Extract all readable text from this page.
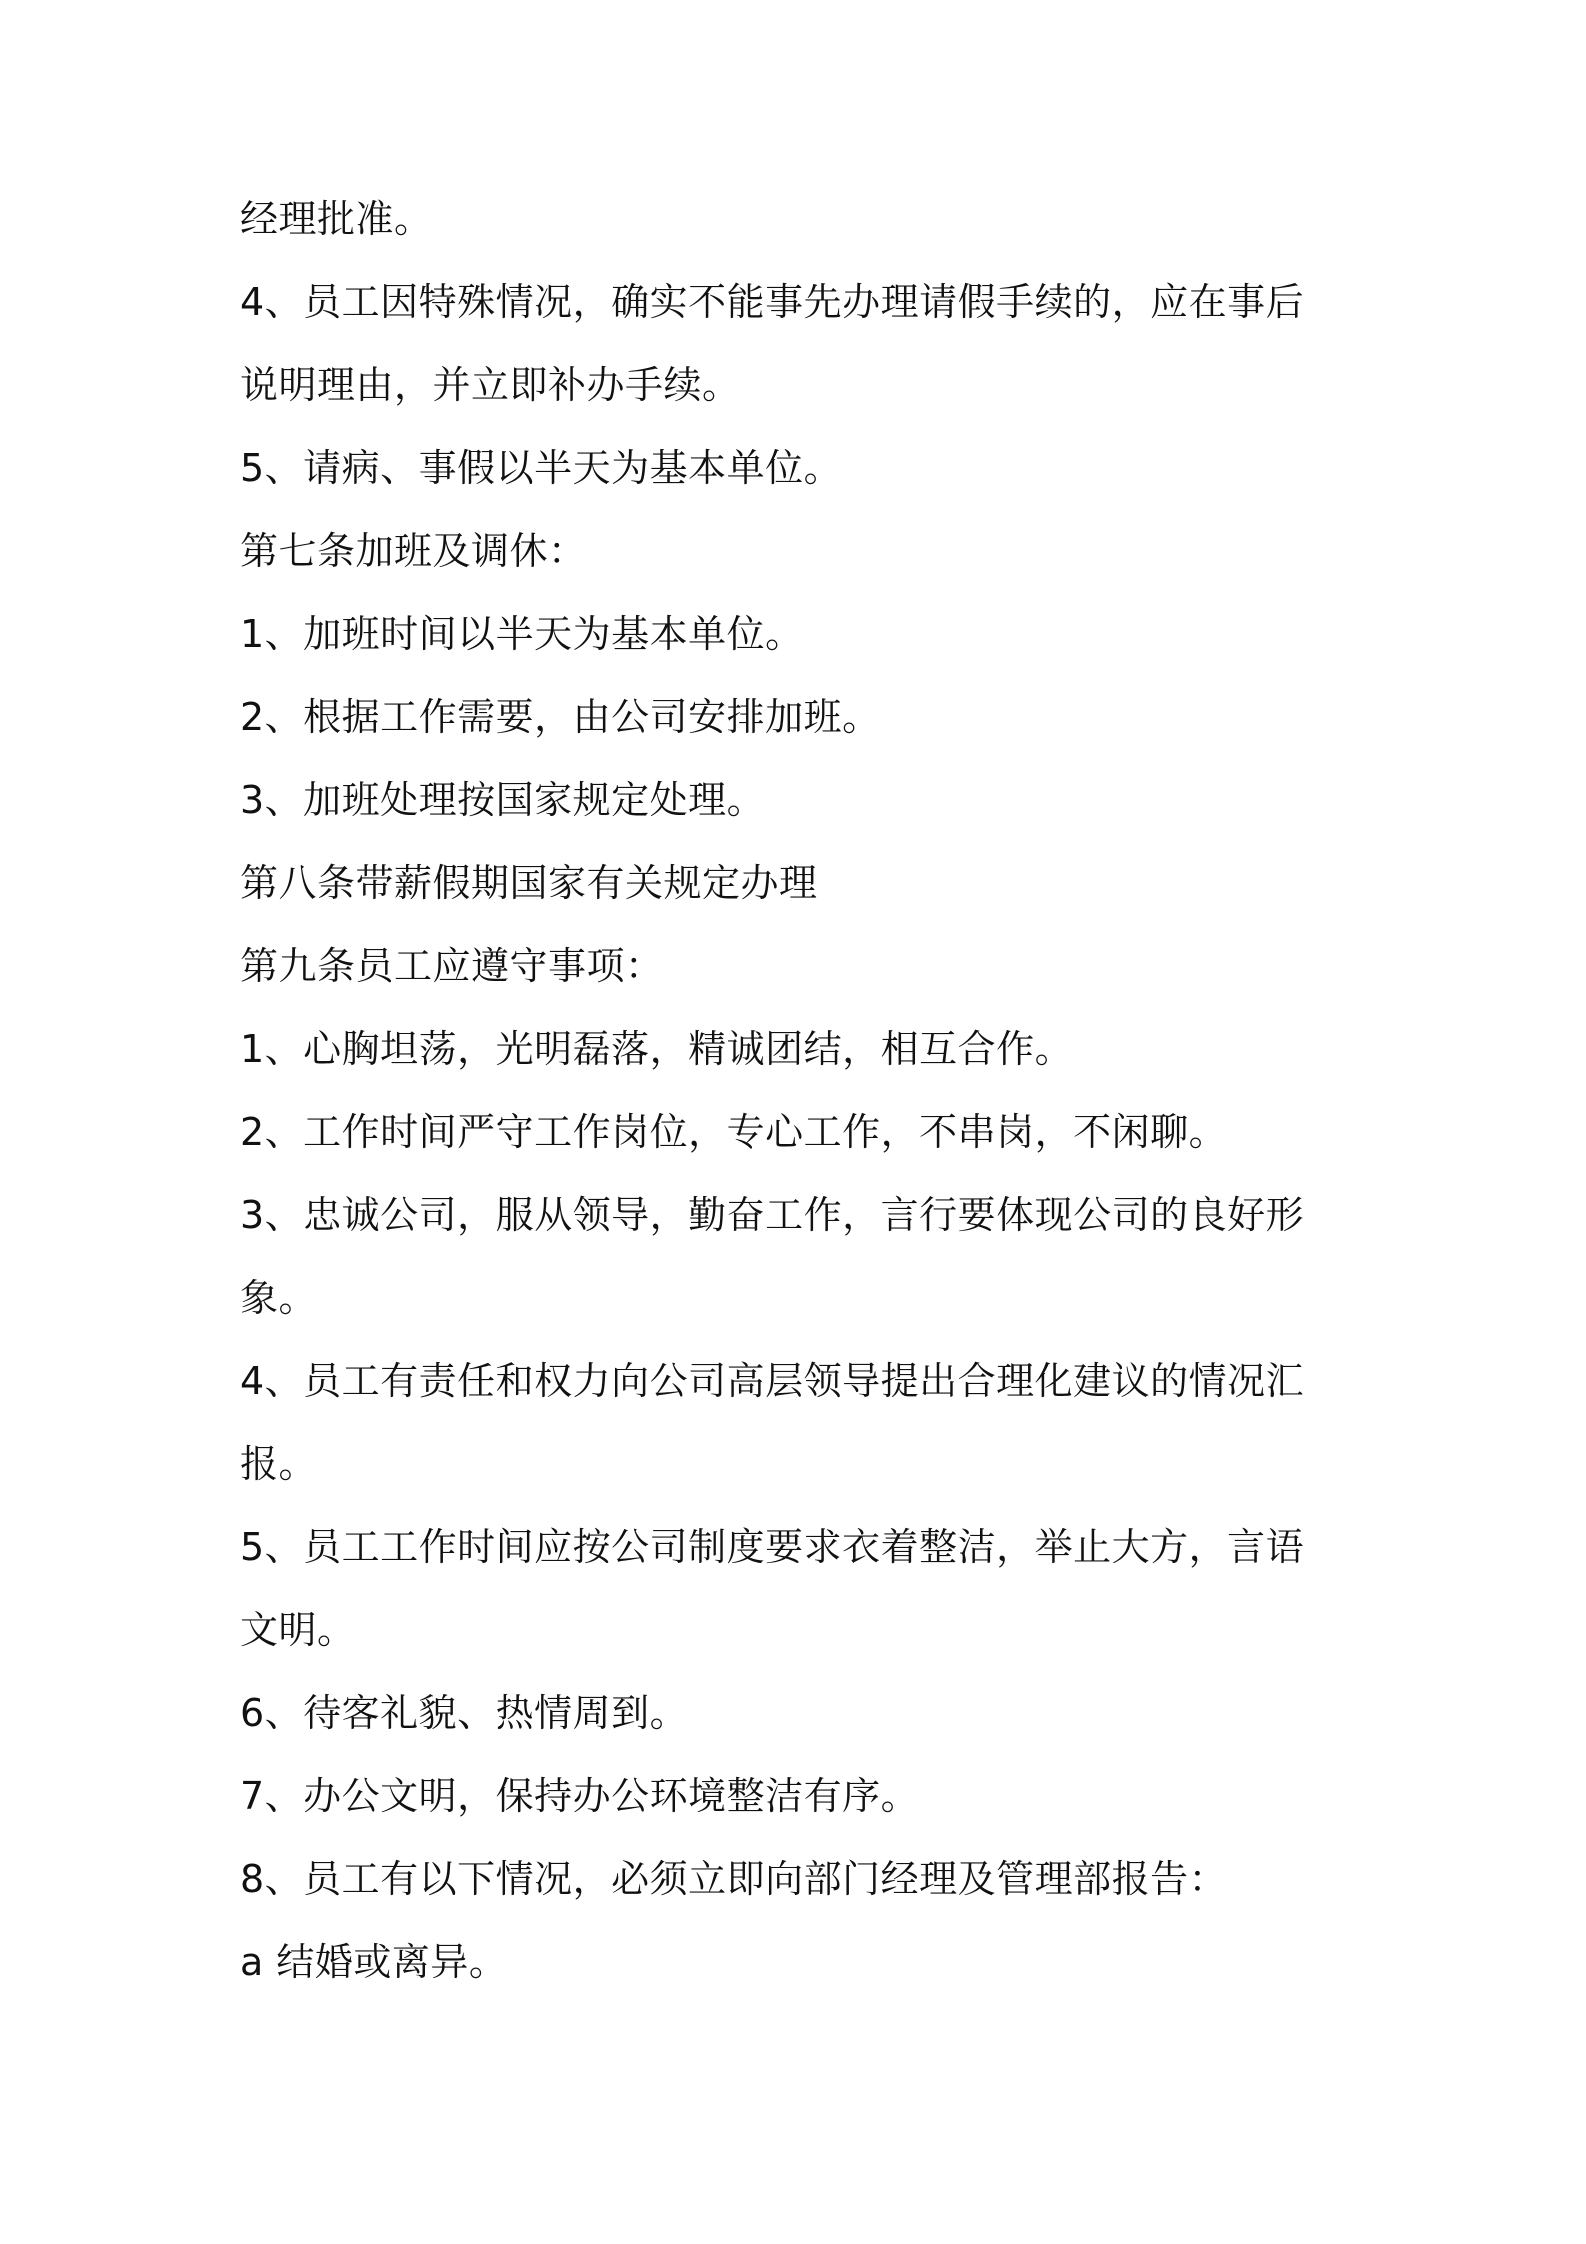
经理批准。
4、员工因特殊情况，确实不能事先办理请假手续的，应在事后
说明理由，并立即补办手续。
5、请病、事假以半天为基本单位。
第七条加班及调休：
1、加班时间以半天为基本单位。
2、根据工作需要，由公司安排加班。
3、加班处理按国家规定处理。
第八条带薪假期国家有关规定办理
第九条员工应遵守事项：
1、心胸坦荡，光明磊落，精诚团结，相互合作。
2、工作时间严守工作岗位，专心工作，不串岗，不闲聊。
3、忠诚公司，服从领导，勤奋工作，言行要体现公司的良好形
象。
4、员工有责任和权力向公司高层领导提出合理化建议的情况汇
报。
5、员工工作时间应按公司制度要求衣着整洁，举止大方，言语
文明。
6、待客礼貌、热情周到。
7、办公文明，保持办公环境整洁有序。
8、员工有以下情况，必须立即向部门经理及管理部报告：
a 结婚或离异。
